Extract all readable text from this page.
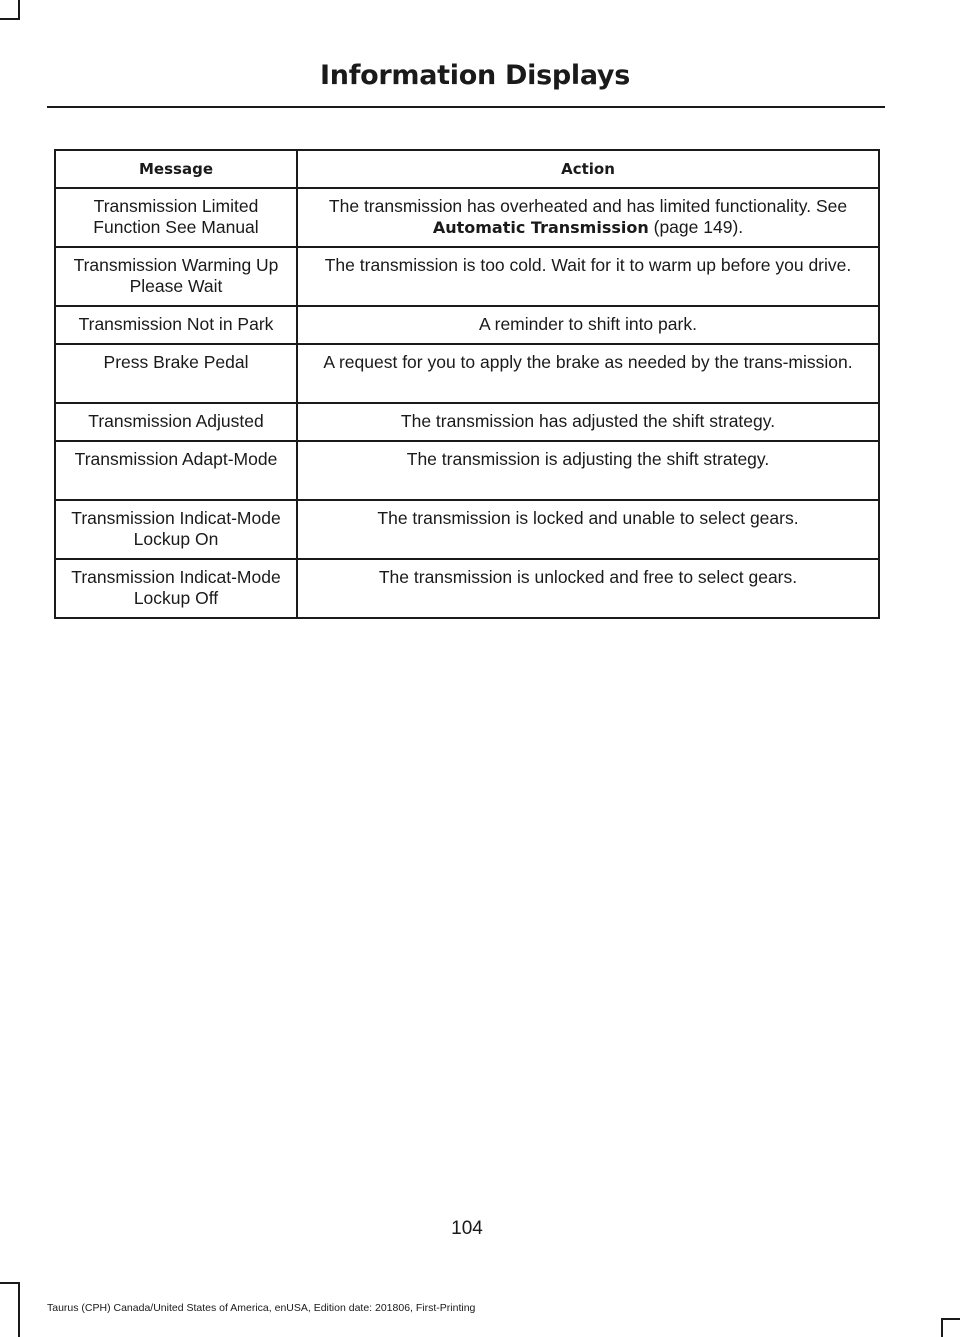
Information Displays
Message	Action
Transmission Limited Function See Manual	The transmission has overheated and has limited functionality. See Automatic Transmission (page 149).
Transmission Warming Up Please Wait	The transmission is too cold. Wait for it to warm up before you drive.
Transmission Not in Park	A reminder to shift into park.
Press Brake Pedal	A request for you to apply the brake as needed by the trans-mission.
Transmission Adjusted	The transmission has adjusted the shift strategy.
Transmission Adapt-Mode	The transmission is adjusting the shift strategy.
Transmission Indicat-Mode Lockup On	The transmission is locked and unable to select gears.
Transmission Indicat-Mode Lockup Off	The transmission is unlocked and free to select gears.
104
Taurus (CPH) Canada/United States of America, enUSA, Edition date: 201806, First-Printing
